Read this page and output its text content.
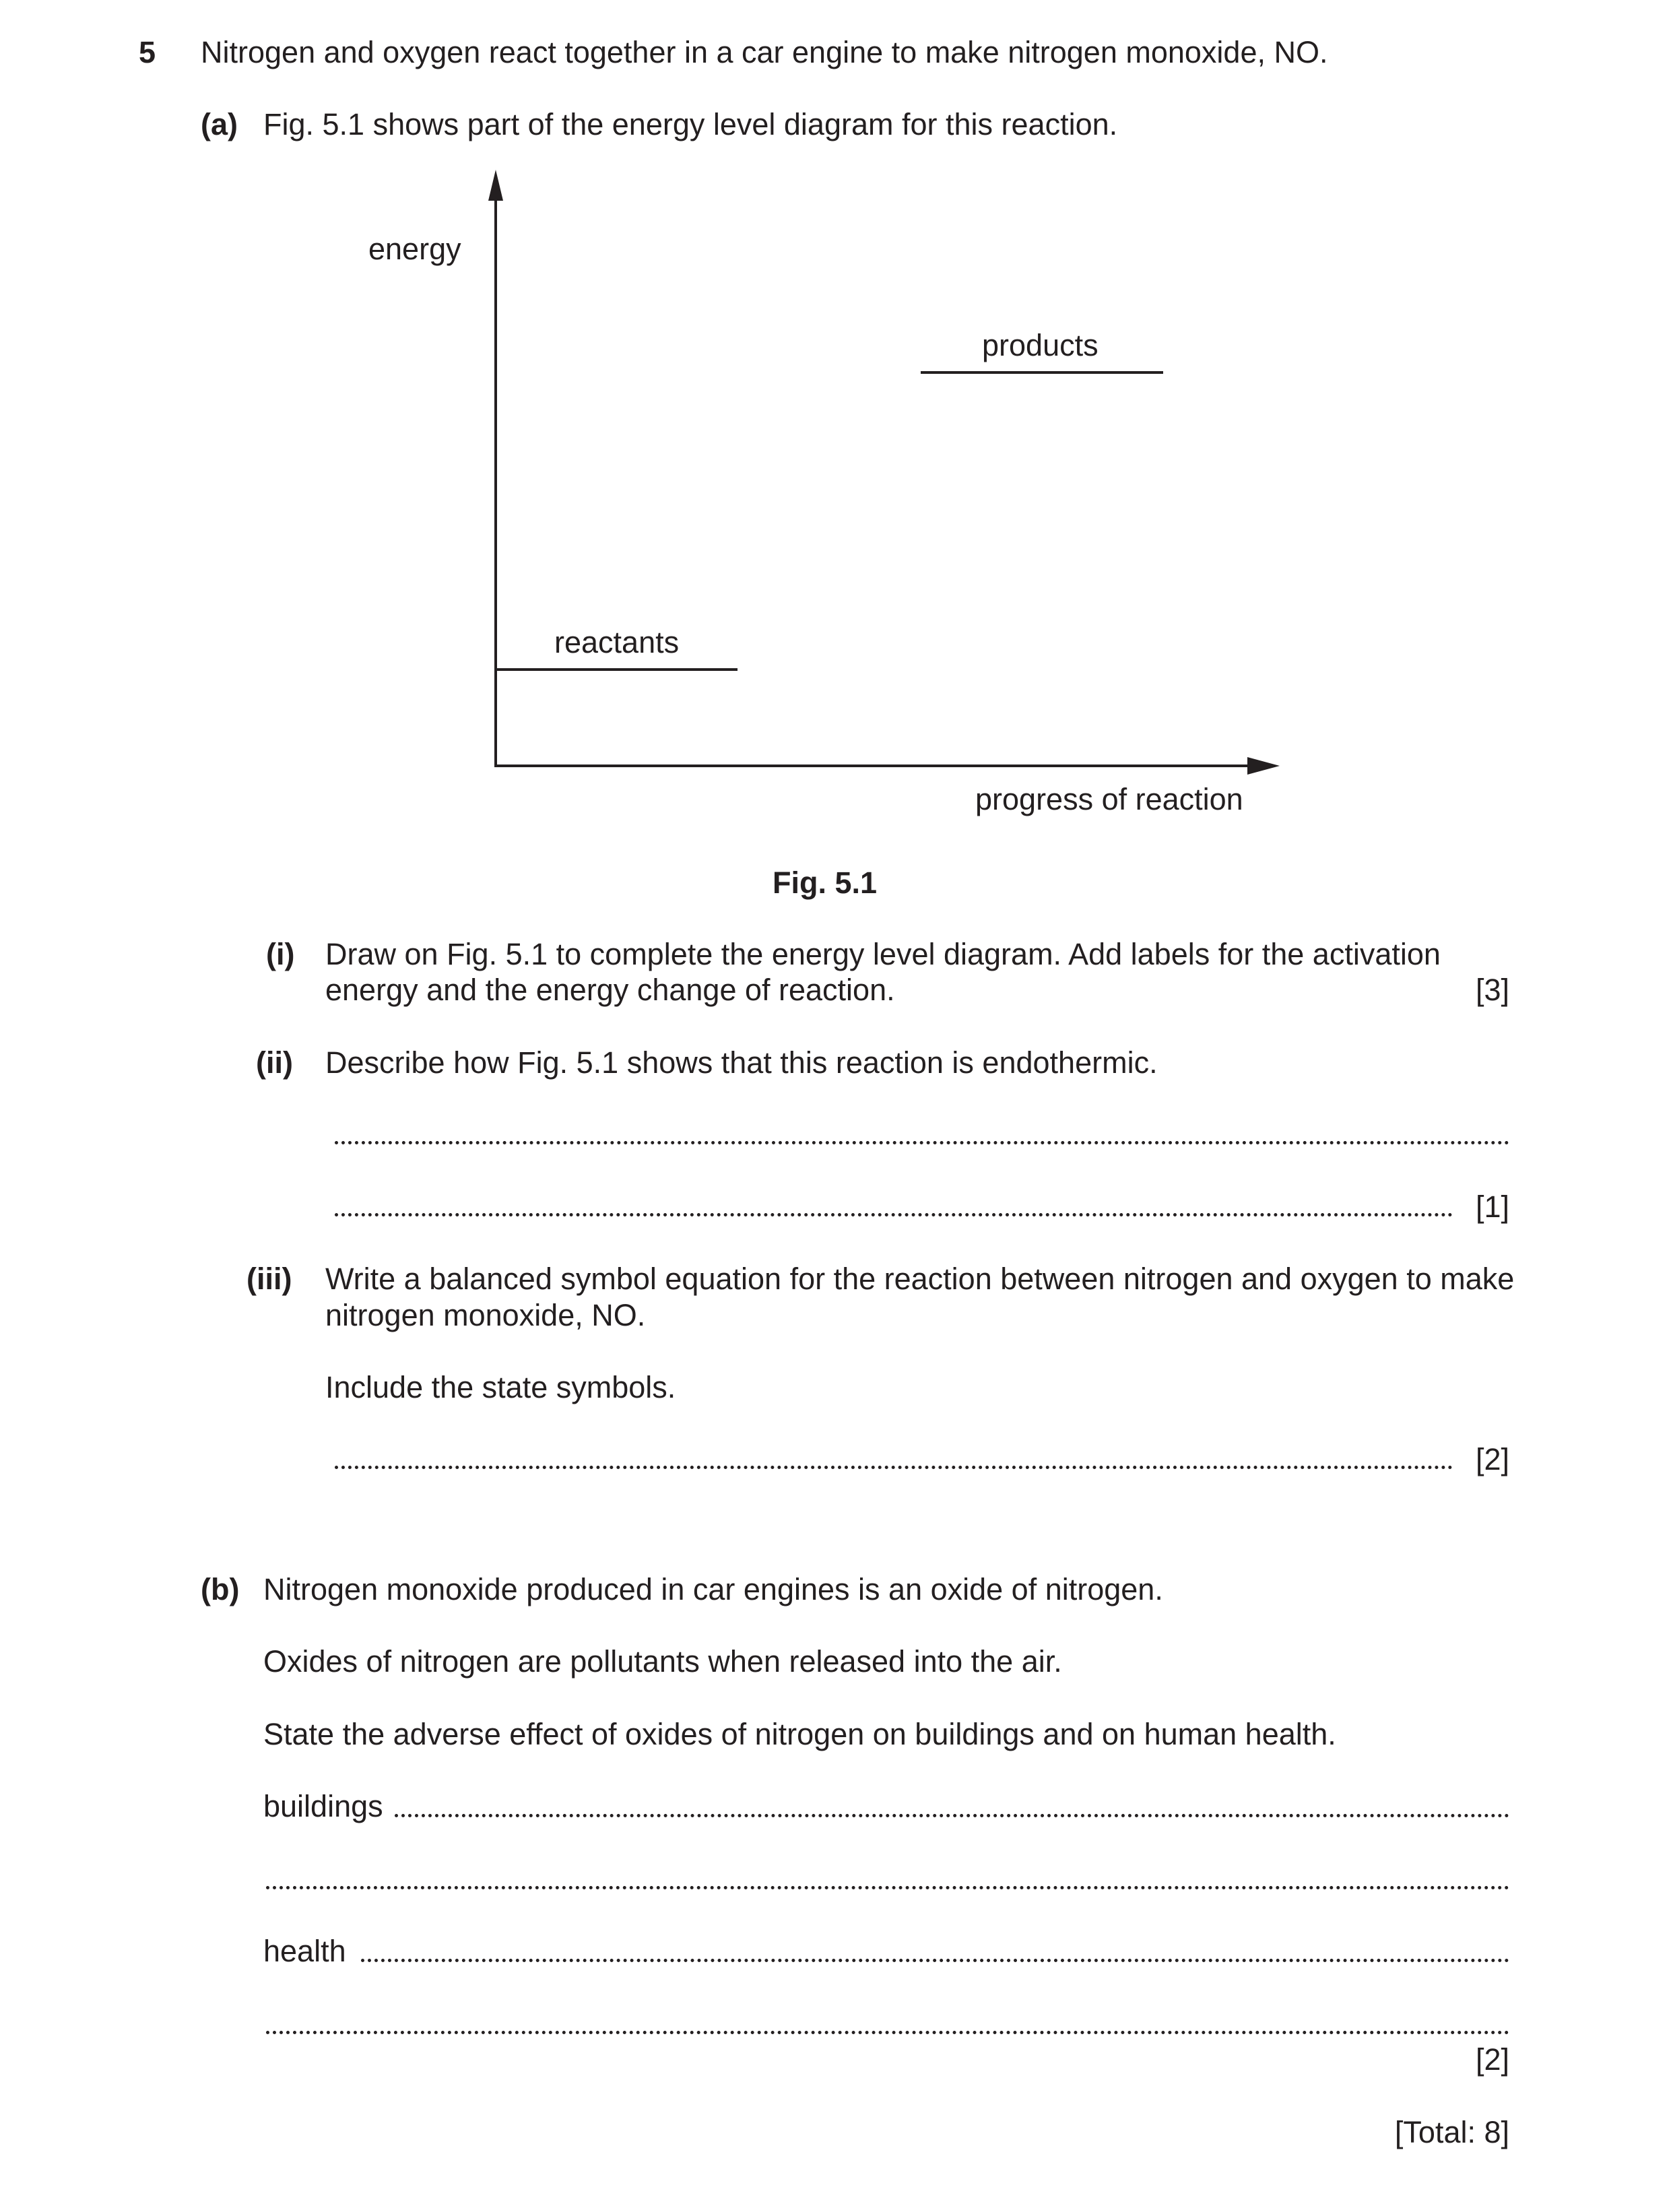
5 Nitrogen and oxygen react together in a car engine to make nitrogen monoxide, NO.
(a) Fig. 5.1 shows part of the energy level diagram for this reaction.
energy
products
reactants
progress of reaction
Fig. 5.1
(i) Draw on Fig. 5.1 to complete the energy level diagram. Add labels for the activation
energy and the energy change of reaction.	[3]
(ii) Describe how Fig. 5.1 shows that this reaction is endothermic.
[1]
(iii) Write a balanced symbol equation for the reaction between nitrogen and oxygen to make
nitrogen monoxide, NO.
Include the state symbols.
[2]
(b) Nitrogen monoxide produced in car engines is an oxide of nitrogen.
Oxides of nitrogen are pollutants when released into the air.
State the adverse effect of oxides of nitrogen on buildings and on human health.
buildings
health
[2]
[Total: 8]
